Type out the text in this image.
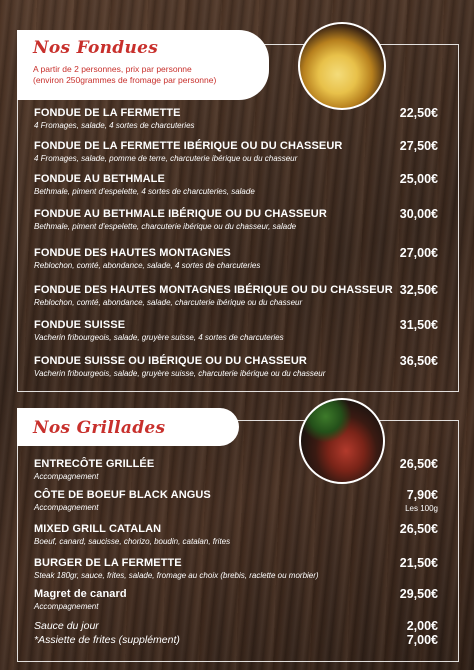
Nos Fondues
A partir de 2 personnes, prix par personne
(environ 250grammes de fromage par personne)
FONDUE DE LA FERMETTE
4 Fromages, salade, 4 sortes de charcuteries
22,50€
FONDUE DE LA FERMETTE IBÉRIQUE OU DU CHASSEUR
4 Fromages, salade, pomme de terre, charcuterie ibérique ou du chasseur
27,50€
FONDUE AU BETHMALE
Bethmale, piment d'espelette, 4 sortes de charcuteries, salade
25,00€
FONDUE AU BETHMALE IBÉRIQUE OU DU CHASSEUR
Bethmale, piment d'espelette, charcuterie ibérique ou du chasseur, salade
30,00€
FONDUE DES HAUTES MONTAGNES
Reblochon, comté, abondance, salade, 4 sortes de charcuteries
27,00€
FONDUE DES HAUTES MONTAGNES IBÉRIQUE OU DU CHASSEUR
Reblochon, comté, abondance, salade, charcuterie ibérique ou du chasseur
32,50€
FONDUE SUISSE
Vacherin fribourgeois, salade, gruyère suisse, 4 sortes de charcuteries
31,50€
FONDUE SUISSE OU IBÉRIQUE OU DU CHASSEUR
Vacherin fribourgeois, salade, gruyère suisse, charcuterie ibérique ou du chasseur
36,50€
Nos Grillades
ENTRECÔTE GRILLÉE
Accompagnement
26,50€
CÔTE DE BOEUF BLACK ANGUS
Accompagnement
7,90€
Les 100g
MIXED GRILL CATALAN
Boeuf, canard, saucisse, chorizo, boudin, catalan, frites
26,50€
BURGER DE LA FERMETTE
Steak 180gr, sauce, frites, salade, fromage au choix (brebis, raclette ou morbier)
21,50€
Magret de canard
Accompagnement
29,50€
Sauce du jour	2,00€
*Assiette de frites (supplément)	7,00€
